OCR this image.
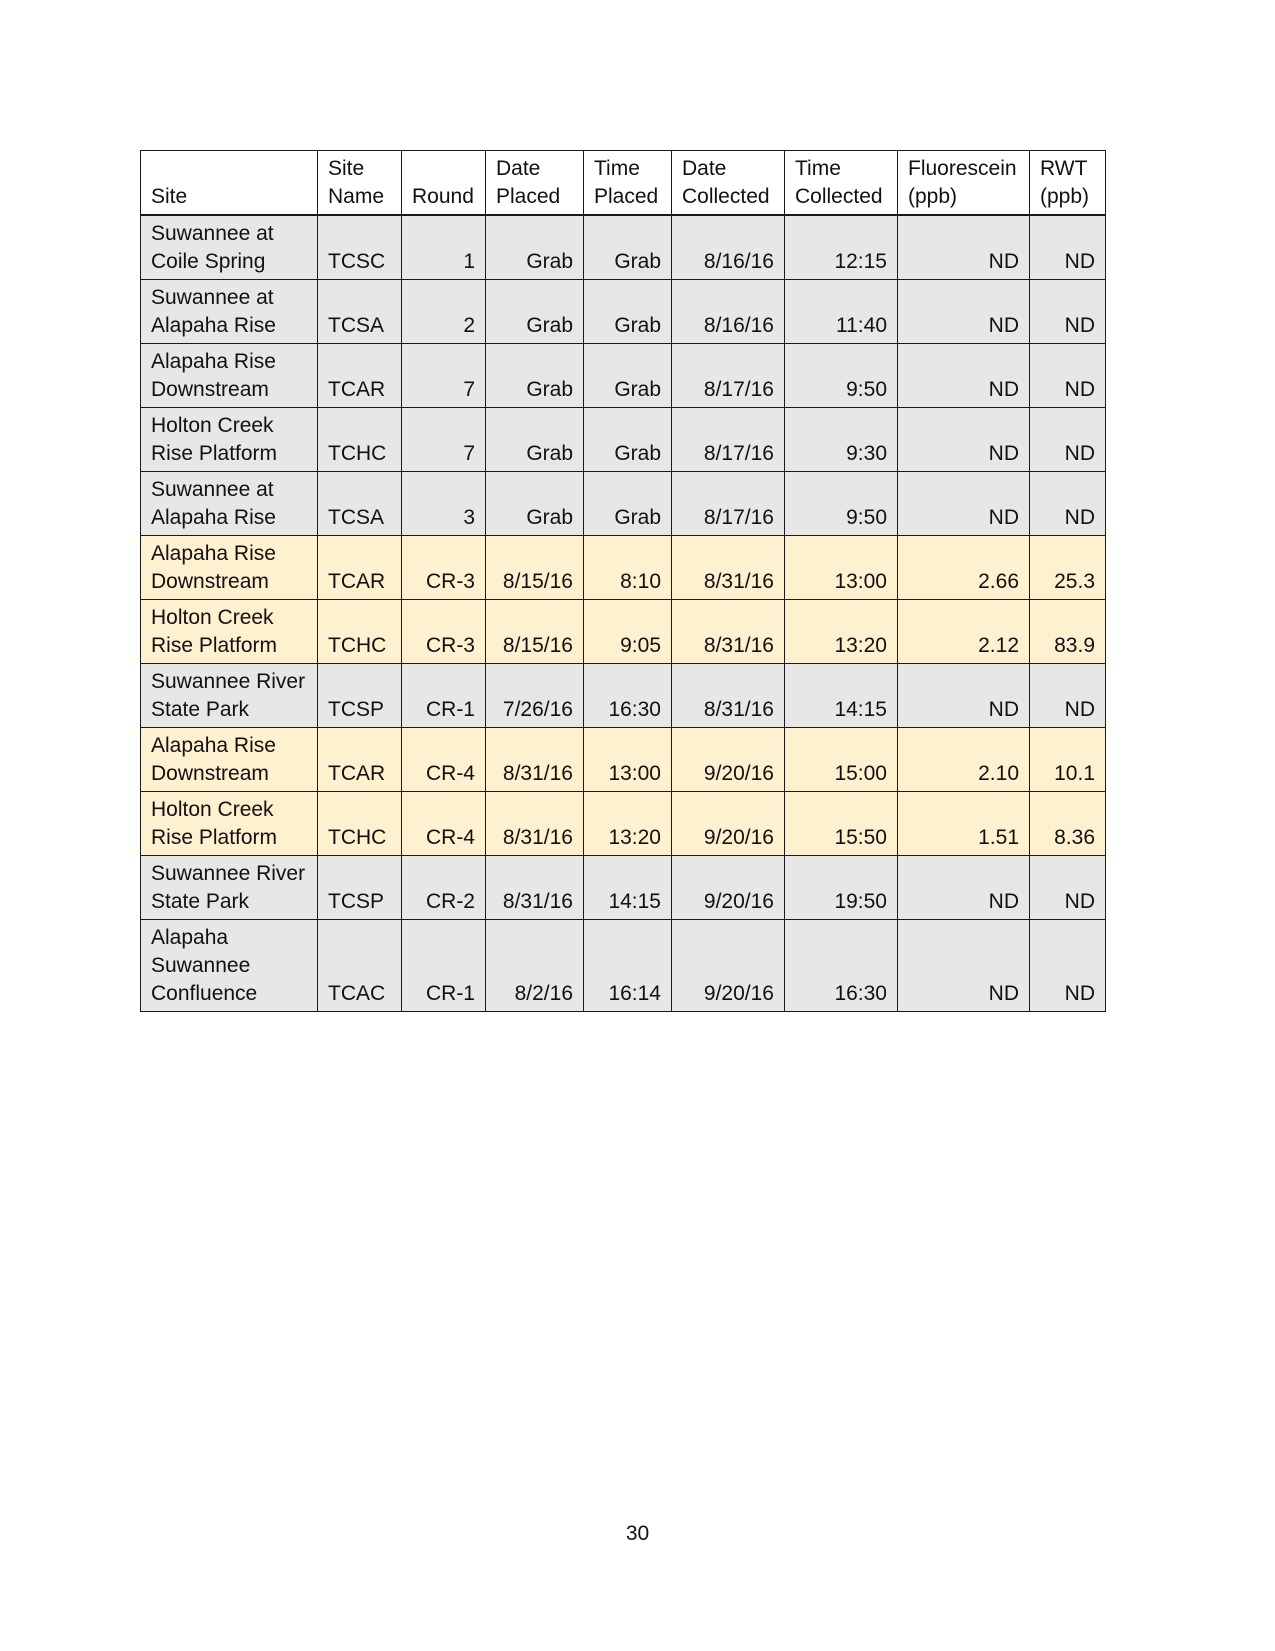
Site	Site Name	Round	Date Placed	Time Placed	Date Collected	Time Collected	Fluorescein (ppb)	RWT (ppb)
Suwannee at Coile Spring	TCSC	1	Grab	Grab	8/16/16	12:15	ND	ND
Suwannee at Alapaha Rise	TCSA	2	Grab	Grab	8/16/16	11:40	ND	ND
Alapaha Rise Downstream	TCAR	7	Grab	Grab	8/17/16	9:50	ND	ND
Holton Creek Rise Platform	TCHC	7	Grab	Grab	8/17/16	9:30	ND	ND
Suwannee at Alapaha Rise	TCSA	3	Grab	Grab	8/17/16	9:50	ND	ND
Alapaha Rise Downstream	TCAR	CR-3	8/15/16	8:10	8/31/16	13:00	2.66	25.3
Holton Creek Rise Platform	TCHC	CR-3	8/15/16	9:05	8/31/16	13:20	2.12	83.9
Suwannee River State Park	TCSP	CR-1	7/26/16	16:30	8/31/16	14:15	ND	ND
Alapaha Rise Downstream	TCAR	CR-4	8/31/16	13:00	9/20/16	15:00	2.10	10.1
Holton Creek Rise Platform	TCHC	CR-4	8/31/16	13:20	9/20/16	15:50	1.51	8.36
Suwannee River State Park	TCSP	CR-2	8/31/16	14:15	9/20/16	19:50	ND	ND
Alapaha Suwannee Confluence	TCAC	CR-1	8/2/16	16:14	9/20/16	16:30	ND	ND
30
